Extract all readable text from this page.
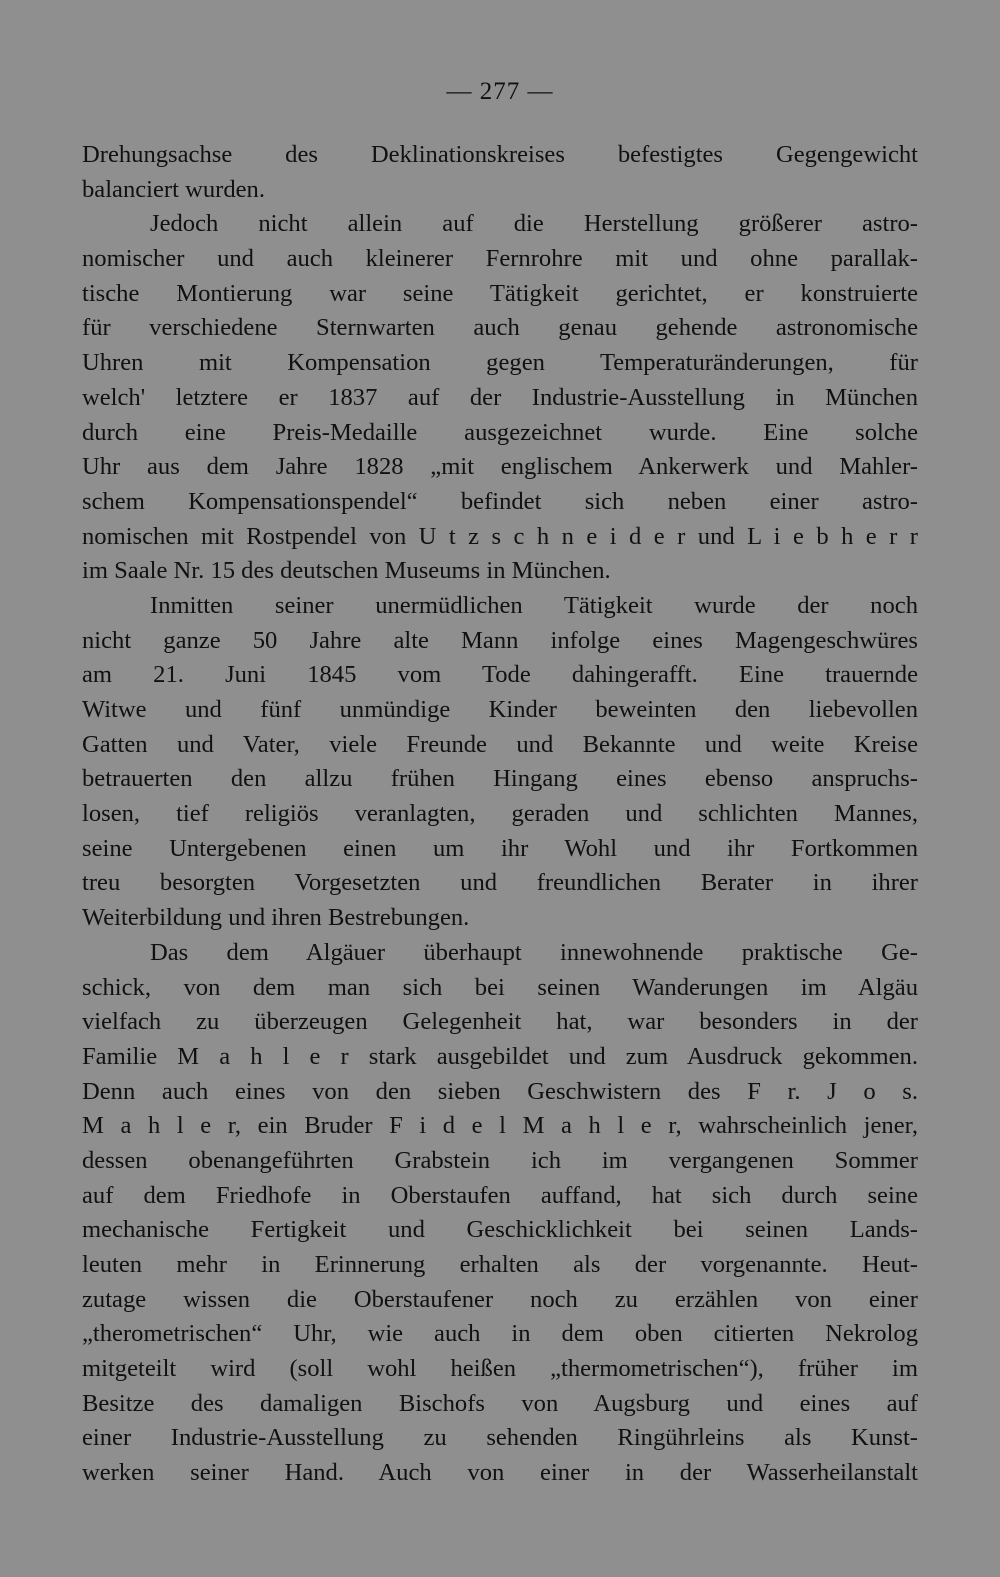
— 277 —
Drehungsachse des Deklinationskreises befestigtes Gegengewicht
balanciert wurden.
Jedoch nicht allein auf die Herstellung größerer astro-
nomischer und auch kleinerer Fernrohre mit und ohne parallak-
tische Montierung war seine Tätigkeit gerichtet, er konstruierte
für verschiedene Sternwarten auch genau gehende astronomische
Uhren mit Kompensation gegen Temperaturänderungen, für
welch' letztere er 1837 auf der Industrie-Ausstellung in München
durch eine Preis-Medaille ausgezeichnet wurde. Eine solche
Uhr aus dem Jahre 1828 „mit englischem Ankerwerk und Mahler-
schem Kompensationspendel“ befindet sich neben einer astro-
nomischen mit Rostpendel von U t z s c h n e i d e r und L i e b h e r r
im Saale Nr. 15 des deutschen Museums in München.
Inmitten seiner unermüdlichen Tätigkeit wurde der noch
nicht ganze 50 Jahre alte Mann infolge eines Magengeschwüres
am 21. Juni 1845 vom Tode dahingerafft. Eine trauernde
Witwe und fünf unmündige Kinder beweinten den liebevollen
Gatten und Vater, viele Freunde und Bekannte und weite Kreise
betrauerten den allzu frühen Hingang eines ebenso anspruchs-
losen, tief religiös veranlagten, geraden und schlichten Mannes,
seine Untergebenen einen um ihr Wohl und ihr Fortkommen
treu besorgten Vorgesetzten und freundlichen Berater in ihrer
Weiterbildung und ihren Bestrebungen.
Das dem Algäuer überhaupt innewohnende praktische Ge-
schick, von dem man sich bei seinen Wanderungen im Algäu
vielfach zu überzeugen Gelegenheit hat, war besonders in der
Familie M a h l e r stark ausgebildet und zum Ausdruck gekommen.
Denn auch eines von den sieben Geschwistern des F r. J o s.
M a h l e r, ein Bruder F i d e l M a h l e r, wahrscheinlich jener,
dessen obenangeführten Grabstein ich im vergangenen Sommer
auf dem Friedhofe in Oberstaufen auffand, hat sich durch seine
mechanische Fertigkeit und Geschicklichkeit bei seinen Lands-
leuten mehr in Erinnerung erhalten als der vorgenannte. Heut-
zutage wissen die Oberstaufener noch zu erzählen von einer
„therometrischen“ Uhr, wie auch in dem oben citierten Nekrolog
mitgeteilt wird (soll wohl heißen „thermometrischen“), früher im
Besitze des damaligen Bischofs von Augsburg und eines auf
einer Industrie-Ausstellung zu sehenden Ringührleins als Kunst-
werken seiner Hand. Auch von einer in der Wasserheilanstalt
